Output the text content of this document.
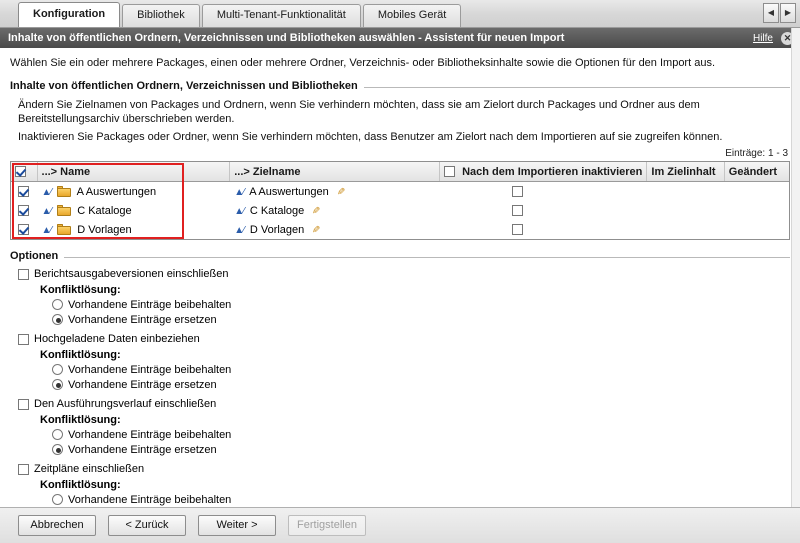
Konfiguration	Bibliothek	Multi-Tenant-Funktionalität	Mobiles Gerät	◀	▶
Inhalte von öffentlichen Ordnern, Verzeichnissen und Bibliotheken auswählen - Assistent für neuen Import	Hilfe	✕
Wählen Sie ein oder mehrere Packages, einen oder mehrere Ordner, Verzeichnis- oder Bibliotheksinhalte sowie die Optionen für den Import aus.
Inhalte von öffentlichen Ordnern, Verzeichnissen und Bibliotheken
Ändern Sie Zielnamen von Packages und Ordnern, wenn Sie verhindern möchten, dass sie am Zielort durch Packages und Ordner aus dem Bereitstellungsarchiv überschrieben werden.
Inaktivieren Sie Packages oder Ordner, wenn Sie verhindern möchten, dass Benutzer am Zielort nach dem Importieren auf sie zugreifen können.
Einträge: 1 - 3
	...> Name	...> Zielname	Nach dem Importieren inaktivieren	Im Zielinhalt	Geändert
	▲⁄ A Auswertungen	▲⁄ A Auswertungen ✎			
	▲⁄ C Kataloge	▲⁄ C Kataloge ✎			
	▲⁄ D Vorlagen	▲⁄ D Vorlagen ✎			
Optionen
Berichtsausgabeversionen einschließen
Konfliktlösung:
Vorhandene Einträge beibehalten
Vorhandene Einträge ersetzen
Hochgeladene Daten einbeziehen
Konfliktlösung:
Vorhandene Einträge beibehalten
Vorhandene Einträge ersetzen
Den Ausführungsverlauf einschließen
Konfliktlösung:
Vorhandene Einträge beibehalten
Vorhandene Einträge ersetzen
Zeitpläne einschließen
Konfliktlösung:
Vorhandene Einträge beibehalten
Abbrechen	< Zurück	Weiter >	Fertigstellen
